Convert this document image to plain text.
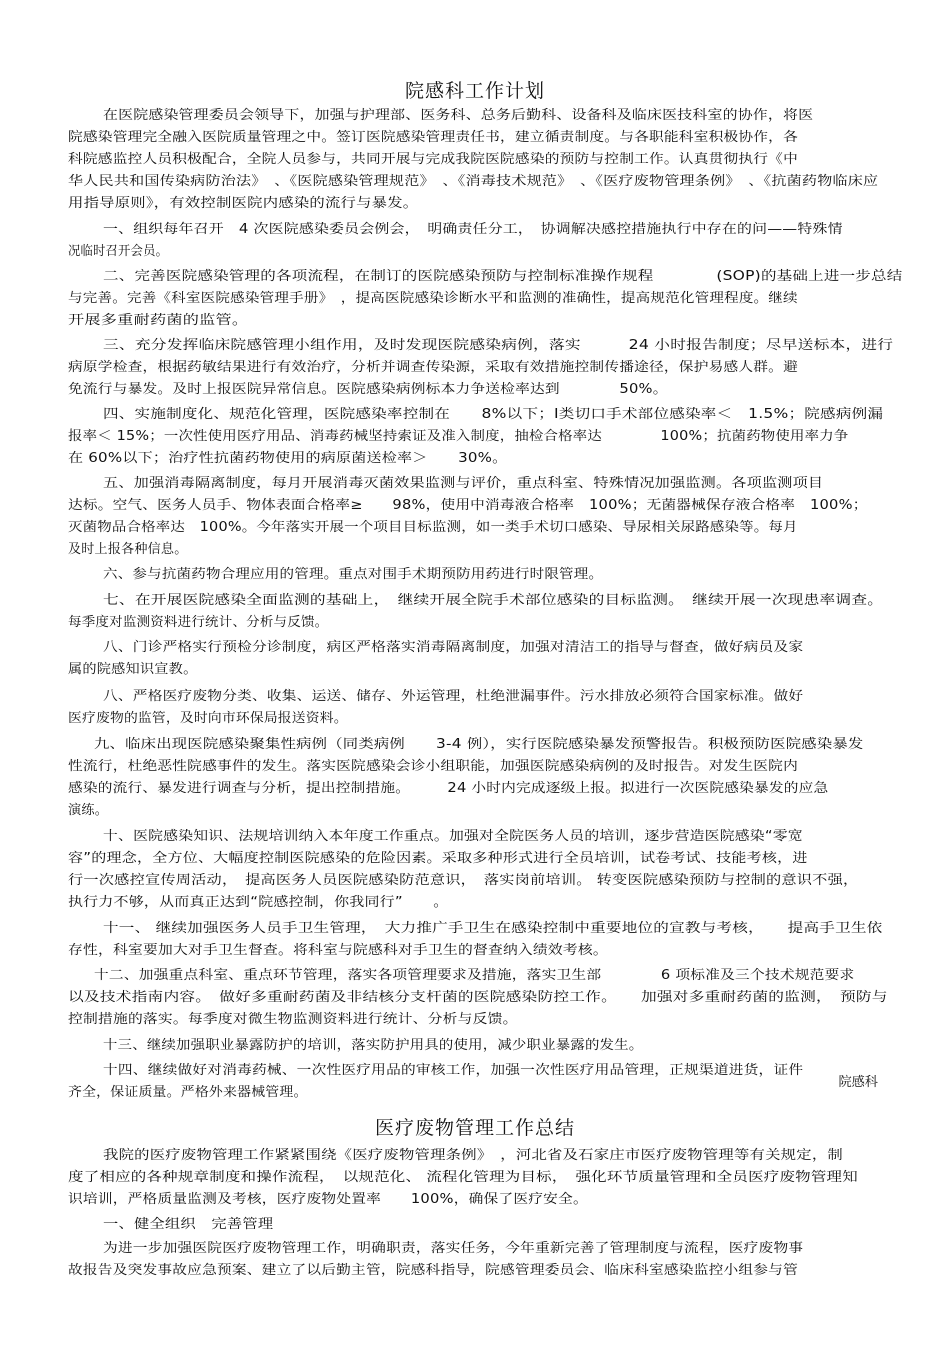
院感科工作计划
在医院感染管理委员会领导下，加强与护理部、医务科、总务后勤科、设备科及临床医技科室的协作，将医
院感染管理完全融入医院质量管理之中。签订医院感染管理责任书，建立循责制度。与各职能科室积极协作，各
科院感监控人员积极配合，全院人员参与，共同开展与完成我院医院感染的预防与控制工作。认真贯彻执行《中
华人民共和国传染病防治法》　、《医院感染管理规范》　、《消毒技术规范》　、《医疗废物管理条例》　、《抗菌药物临床应
用指导原则》，有效控制医院内感染的流行与暴发。
一、组织每年召开　4 次医院感染委员会例会，　明确责任分工，　协调解决感控措施执行中存在的问——特殊情
况临时召开会员。
二、完善医院感染管理的各项流程，在制订的医院感染预防与控制标准操作规程　　　　(SOP)的基础上进一步总结
与完善。完善《科室医院感染管理手册》　，提高医院感染诊断水平和监测的准确性，提高规范化管理程度。继续
开展多重耐药菌的监管。
三、充分发挥临床院感管理小组作用，及时发现医院感染病例，落实　　　24 小时报告制度；尽早送标本，进行
病原学检查，根据药敏结果进行有效治疗，分析并调查传染源，采取有效措施控制传播途径，保护易感人群。避
免流行与暴发。及时上报医院异常信息。医院感染病例标本力争送检率达到　　　　50%。
四、实施制度化、规范化管理，医院感染率控制在　　8%以下；Ⅰ类切口手术部位感染率＜　1.5%；院感病例漏
报率＜ 15%；一次性使用医疗用品、消毒药械坚持索证及准入制度，抽检合格率达　　　　100%；抗菌药物使用率力争
在 60%以下；治疗性抗菌药物使用的病原菌送检率＞　　30%。
五、加强消毒隔离制度，每月开展消毒灭菌效果监测与评价，重点科室、特殊情况加强监测。各项监测项目
达标。空气、医务人员手、物体表面合格率≥　　98%，使用中消毒液合格率　100%；无菌器械保存液合格率　100%；
灭菌物品合格率达　100%。今年落实开展一个项目目标监测，如一类手术切口感染、导尿相关尿路感染等。每月
及时上报各种信息。
六、参与抗菌药物合理应用的管理。重点对围手术期预防用药进行时限管理。
七、在开展医院感染全面监测的基础上，　继续开展全院手术部位感染的目标监测。　继续开展一次现患率调查。
每季度对监测资料进行统计、分析与反馈。
八、门诊严格实行预检分诊制度，病区严格落实消毒隔离制度，加强对清洁工的指导与督查，做好病员及家
属的院感知识宣教。
八、严格医疗废物分类、收集、运送、储存、外运管理，杜绝泄漏事件。污水排放必须符合国家标准。做好
医疗废物的监管，及时向市环保局报送资料。
九、临床出现医院感染聚集性病例（同类病例　　3-4 例），实行医院感染暴发预警报告。积极预防医院感染暴发
性流行，杜绝恶性院感事件的发生。落实医院感染会诊小组职能，加强医院感染病例的及时报告。对发生医院内
感染的流行、暴发进行调查与分析，提出控制措施。　　　24 小时内完成逐级上报。拟进行一次医院感染暴发的应急
演练。
十、医院感染知识、法规培训纳入本年度工作重点。加强对全院医务人员的培训，逐步营造医院感染“零宽
容”的理念，全方位、大幅度控制医院感染的危险因素。采取多种形式进行全员培训，试卷考试、技能考核，进
行一次感控宣传周活动，　提高医务人员医院感染防范意识，　落实岗前培训。 转变医院感染预防与控制的意识不强，
执行力不够，从而真正达到“院感控制，你我同行”　　。
十一、 继续加强医务人员手卫生管理，　大力推广手卫生在感染控制中重要地位的宣教与考核，　　提高手卫生依
存性，科室要加大对手卫生督查。将科室与院感科对手卫生的督查纳入绩效考核。
十二、加强重点科室、重点环节管理，落实各项管理要求及措施，落实卫生部　　　　6 项标准及三个技术规范要求
以及技术指南内容。　做好多重耐药菌及非结核分支杆菌的医院感染防控工作。　　加强对多重耐药菌的监测，　预防与
控制措施的落实。每季度对微生物监测资料进行统计、分析与反馈。
十三、继续加强职业暴露防护的培训，落实防护用具的使用，减少职业暴露的发生。
十四、继续做好对消毒药械、一次性医疗用品的审核工作，加强一次性医疗用品管理，正规渠道进货，证件
齐全，保证质量。严格外来器械管理。
院感科
医疗废物管理工作总结
我院的医疗废物管理工作紧紧围绕《医疗废物管理条例》　，河北省及石家庄市医疗废物管理等有关规定，制
度了相应的各种规章制度和操作流程，　以规范化、 流程化管理为目标，　强化环节质量管理和全员医疗废物管理知
识培训，严格质量监测及考核，医疗废物处置率　　100%，确保了医疗安全。
一、健全组织　完善管理
为进一步加强医院医疗废物管理工作，明确职责，落实任务，今年重新完善了管理制度与流程，医疗废物事
故报告及突发事故应急预案、建立了以后勤主管，院感科指导，院感管理委员会、临床科室感染监控小组参与管
